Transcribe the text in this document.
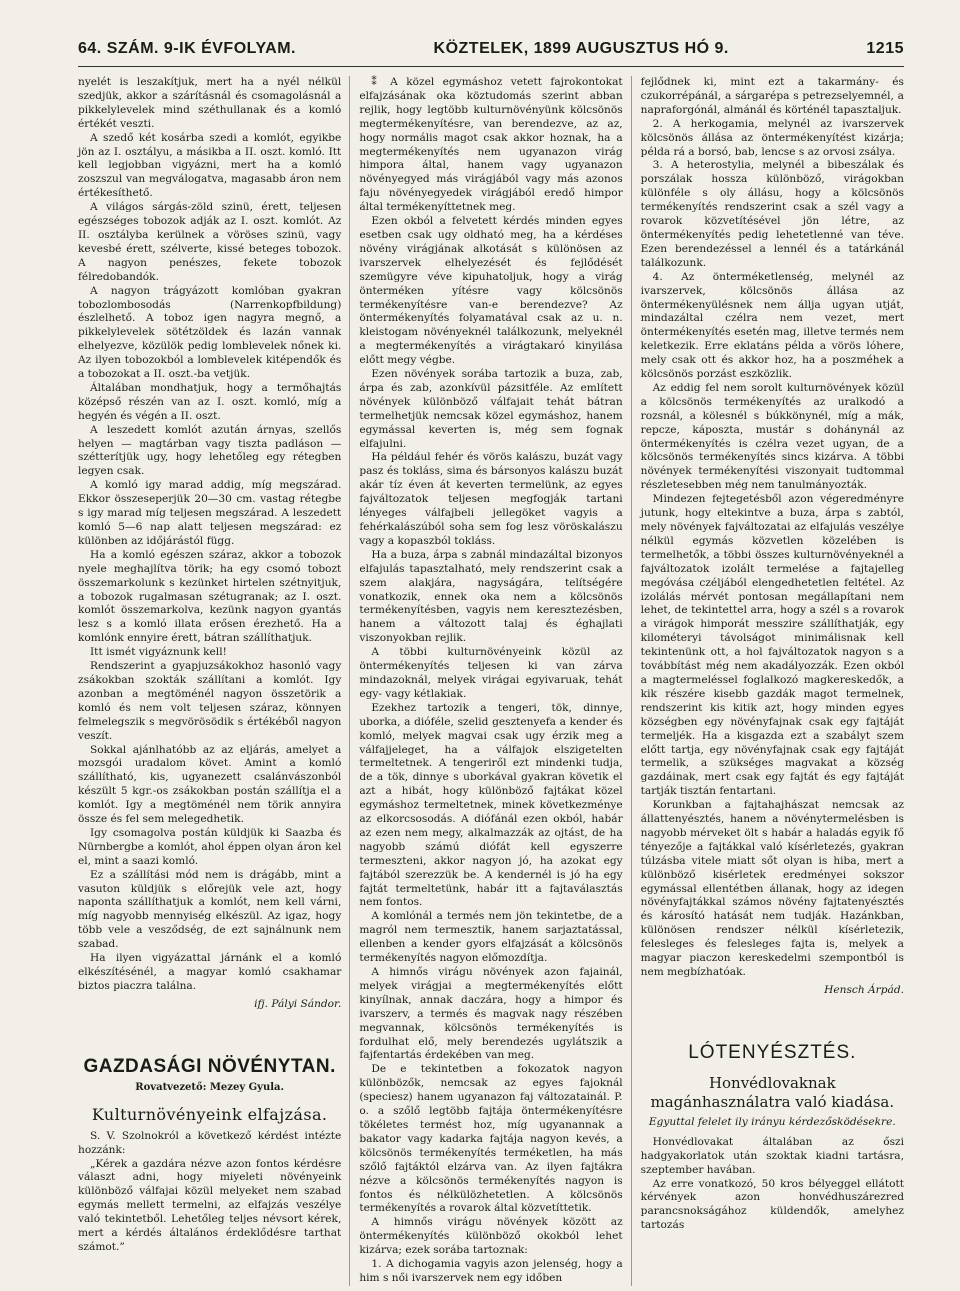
64. SZÁM. 9-IK ÉVFOLYAM.	KÖZTELEK, 1899 AUGUSZTUS HÓ 9.	1215

nyelét is leszakítjuk, mert ha a nyél nélkül szedjük, akkor a szárításnál és csomagolásnál a pikkelylevelek mind széthullanak és a komló értékét veszti.

A szedő két kosárba szedi a komlót, egyikbe jön az I. osztályu, a másikba a II. oszt. komló. Itt kell legjobban vigyázni, mert ha a komló zoszszul van megválogatva, magasabb áron nem értékesíthető.

A világos sárgás-zöld szinü, érett, teljesen egészséges tobozok adják az I. oszt. komlót. Az II. osztályba kerülnek a vöröses szinü, vagy kevesbé érett, szélverte, kissé beteges tobozok. A nagyon penészes, fekete tobozok félredobandók.

A nagyon trágyázott komlóban gyakran tobozlombosodás (Narrenkopfbildung) észlelhető. A toboz igen nagyra megnő, a pikkelylevelek sötétzöldek és lazán vannak elhelyezve, közülök pedig lomblevelek nőnek ki. Az ilyen tobozokból a lomblevelek kitépendők és a tobozokat a II. oszt.-ba vetjük.

Általában mondhatjuk, hogy a termőhajtás középső részén van az I. oszt. komló, míg a hegyén és végén a II. oszt.

A leszedett komlót azután árnyas, szellős helyen — magtárban vagy tiszta padláson — szétterítjük ugy, hogy lehetőleg egy rétegben legyen csak.

A komló igy marad addig, míg megszárad. Ekkor összeseperjük 20—30 cm. vastag rétegbe s igy marad míg teljesen megszárad. A leszedett komló 5—6 nap alatt teljesen megszárad: ez különben az időjárástól függ.

Ha a komló egészen száraz, akkor a tobozok nyele meghajlítva törik; ha egy csomó tobozt összemarkolunk s kezünket hirtelen szétnyitjuk, a tobozok rugalmasan szétugranak; az I. oszt. komlót összemarkolva, kezünk nagyon gyantás lesz s a komló illata erősen érezhető. Ha a komlónk ennyire érett, bátran szállíthatjuk.

Itt ismét vigyáznunk kell!

Rendszerint a gyapjuzsákokhoz hasonló vagy zsákokban szokták szállítani a komlót. Igy azonban a megtöménél nagyon összetörik a komló és nem volt teljesen száraz, könnyen felmelegszik s megvörösödik s értékéből nagyon veszít.

Sokkal ajánlhatóbb az az eljárás, amelyet a mozsgói uradalom követ. Amint a komló szállítható, kis, ugyanezett csalánvászonból készült 5 kgr.-os zsákokban postán szállítja el a komlót. Igy a megtöménél nem törik annyira össze és fel sem melegedhetik.

Igy csomagolva postán küldjük ki Saazba és Nürnbergbe a komlót, ahol éppen olyan áron kel el, mint a saazi komló.

Ez a szállítási mód nem is drágább, mint a vasuton küldjük s előrejük vele azt, hogy naponta szállíthatjuk a komlót, nem kell várni, míg nagyobb mennyiség elkészül. Az igaz, hogy több vele a vesződség, de ezt sajnálnunk nem szabad.

Ha ilyen vigyázattal járnánk el a komló elkészítésénél, a magyar komló csakhamar biztos piaczra találna.

ifj. Pályi Sándor.

GAZDASÁGI NÖVÉNYTAN.
Rovatvezető: Mezey Gyula.
Kulturnövényeink elfajzása.

S. V. Szolnokról a következő kérdést intézte hozzánk:

„Kérek a gazdára nézve azon fontos kérdésre választ adni, hogy miyeleti növényeink különböző válfajai közül melyeket nem szabad egymás mellett termelni, az elfajzás veszélye való tekintetből. Lehetőleg teljes névsort kérek, mert a kérdés általános érdeklődésre tarthat számot.”

⁑ A közel egymáshoz vetett fajrokontokat elfajzásának oka köztudomás szerint abban rejlik, hogy legtöbb kulturnövényünk kölcsönös megtermékenyítésre, van berendezve, az az, hogy normális magot csak akkor hoznak, ha a megtermékenyítés nem ugyanazon virág himpora által, hanem vagy ugyanazon növényegyed más virágjából vagy más azonos faju növényegyedek virágjából eredő himpor által termékenyíttetnek meg.

Ezen okból a felvetett kérdés minden egyes esetben csak ugy oldható meg, ha a kérdéses növény virágjának alkotását s különösen az ivarszervek elhelyezését és fejlődését szemügyre véve kipuhatoljuk, hogy a virág önterméken yítésre vagy kölcsönös termékenyítésre van-e berendezve? Az öntermékenyítés folyamatával csak az u. n. kleistogam növényeknél találkozunk, melyeknél a megtermékenyítés a virágtakaró kinyilása előtt megy végbe.

Ezen növények sorába tartozik a buza, zab, árpa és zab, azonkívül pázsitféle. Az említett növények különböző válfajait tehát bátran termelhetjük nemcsak közel egymáshoz, hanem egymással keverten is, még sem fognak elfajulni.

Ha például fehér és vörös kalászu, buzát vagy pasz és tokláss, sima és bársonyos kalászu buzát akár tíz éven át keverten termelünk, az egyes fajváltozatok teljesen megfogják tartani lényeges válfajbeli jellegöket vagyis a fehérkalászúból soha sem fog lesz vöröskalászu vagy a kopaszból tokláss.

Ha a buza, árpa s zabnál mindazáltal bizonyos elfajulás tapasztalható, mely rendszerint csak a szem alakjára, nagyságára, telítségére vonatkozik, ennek oka nem a kölcsönös termékenyítésben, vagyis nem keresztezésben, hanem a változott talaj és éghajlati viszonyokban rejlik.

A többi kulturnövényeink közül az öntermékenyítés teljesen ki van zárva mindazoknál, melyek virágai egyivaruak, tehát egy- vagy kétlakiak.

Ezekhez tartozik a tengeri, tök, dinnye, uborka, a dióféle, szelid gesztenyefa a kender és komló, melyek magvai csak ugy érzik meg a válfajjeleget, ha a válfajok elszigetelten termeltetnek. A tengeriről ezt mindenki tudja, de a tök, dinnye s uborkával gyakran követik el azt a hibát, hogy különböző fajtákat közel egymáshoz termeltetnek, minek következménye az elkorcsosodás. A diófánál ezen okból, habár az ezen nem megy, alkalmazzák az ojtást, de ha nagyobb számú diófát kell egyszerre termeszteni, akkor nagyon jó, ha azokat egy fajtából szerezzük be. A kendernél is jó ha egy fajtát termeltetünk, habár itt a fajtaválasztás nem fontos.

A komlónál a termés nem jön tekintetbe, de a magról nem termesztik, hanem sarjaztatással, ellenben a kender gyors elfajzását a kölcsönös termékenyítés nagyon előmozdítja.

A himnős virágu növények azon fajainál, melyek virágjai a megtermékenyítés előtt kinyílnak, annak daczára, hogy a himpor és ivarszerv, a termés és magvak nagy részében megvannak, kölcsönös termékenyítés is fordulhat elő, mely berendezés ugylátszik a fajfentartás érdekében van meg.

De e tekintetben a fokozatok nagyon különbözők, nemcsak az egyes fajoknál (speciesz) hanem ugyanazon faj változatainál. P. o. a szőlő legtöbb fajtája öntermékenyítésre tökéletes termést hoz, míg ugyanannak a bakator vagy kadarka fajtája nagyon kevés, a kölcsönös termékenyítés terméketlen, ha más szőlő fajtáktól elzárva van. Az ilyen fajtákra nézve a kölcsönös termékenyítés nagyon is fontos és nélkülözhetetlen. A kölcsönös termékenyítés a rovarok által közvetíttetik.

A himnős virágu növények között az öntermékenyítés különböző okokból lehet kizárva; ezek sorába tartoznak:

1. A dichogamia vagyis azon jelenség, hogy a him s női ivarszervek nem egy időben

fejlődnek ki, mint ezt a takarmány- és czukorrépánál, a sárgarépa s petrezselyemnél, a napraforgónál, almánál és körténél tapasztaljuk.

2. A herkogamia, melynél az ivarszervek kölcsönös állása az öntermékenyítést kizárja; példa rá a borsó, bab, lencse s az orvosi zsálya.

3. A heterostylia, melynél a bibeszálak és porszálak hossza különböző, virágokban különféle s oly állásu, hogy a kölcsönös termékenyítés rendszerint csak a szél vagy a rovarok közvetítésével jön létre, az öntermékenyítés pedig lehetetlenné van téve. Ezen berendezéssel a lennél és a tatárkánál találkozunk.

4. Az önterméketlenség, melynél az ivarszervek, kölcsönös állása az öntermékenyülésnek nem állja ugyan utját, mindazáltal czélra nem vezet, mert öntermékenyítés esetén mag, illetve termés nem keletkezik. Erre eklatáns példa a vörös lóhere, mely csak ott és akkor hoz, ha a poszméhek a kölcsönös porzást eszközlik.

Az eddig fel nem sorolt kulturnövények közül a kölcsönös termékenyítés az uralkodó a rozsnál, a kölesnél s búkkönynél, míg a mák, repcze, káposzta, mustár s dohánynál az öntermékenyítés is czélra vezet ugyan, de a kölcsönös termékenyítés sincs kizárva. A többi növények termékenyítési viszonyait tudtommal részletesebben még nem tanulmányozták.

Mindezen fejtegetésből azon végeredményre jutunk, hogy eltekintve a buza, árpa s zabtól, mely növények fajváltozatai az elfajulás veszélye nélkül egymás közvetlen közelében is termelhetők, a többi összes kulturnövényeknél a fajváltozatok izolált termelése a fajtajelleg megóvása czéljából elengedhetetlen feltétel. Az izolálás mérvét pontosan megállapítani nem lehet, de tekintettel arra, hogy a szél s a rovarok a virágok himporát messzire szállíthatják, egy kilométeryi távolságot minimálisnak kell tekintenünk ott, a hol fajváltozatok nagyon s a továbbítást még nem akadályozzák. Ezen okból a magtermeléssel foglalkozó magkereskedők, a kik részére kisebb gazdák magot termelnek, rendszerint kis kitik azt, hogy minden egyes községben egy növényfajnak csak egy fajtáját termeljék. Ha a kisgazda ezt a szabályt szem előtt tartja, egy növényfajnak csak egy fajtáját termelik, a szükséges magvakat a község gazdáinak, mert csak egy fajtát és egy fajtáját tartják tisztán fentartani.

Korunkban a fajtahajhászat nemcsak az állattenyésztés, hanem a növénytermelésben is nagyobb mérveket ölt s habár a haladás egyik fő tényezője a fajtákkal való kísérletezés, gyakran túlzásba vitele miatt sőt olyan is hiba, mert a különböző kisérletek eredményei sokszor egymással ellentétben állanak, hogy az idegen növényfajtákkal számos növény fajtatenyésztés és károsító hatását nem tudják. Hazánkban, különösen rendszer nélkül kísérletezik, felesleges és felesleges fajta is, melyek a magyar piaczon kereskedelmi szempontból is nem megbízhatóak.

Hensch Árpád.

LÓTENYÉSZTÉS.
Honvédlovaknak magánhasználatra való kiadása.
Egyuttal felelet ily irányu kérdezősködésekre.

Honvédlovakat általában az őszi hadgyakorlatok után szoktak kiadni tartásra, szeptember havában.

Az erre vonatkozó, 50 kros bélyeggel ellátott kérvények azon honvédhuszárezred parancsnokságához küldendők, amelyhez tartozás
